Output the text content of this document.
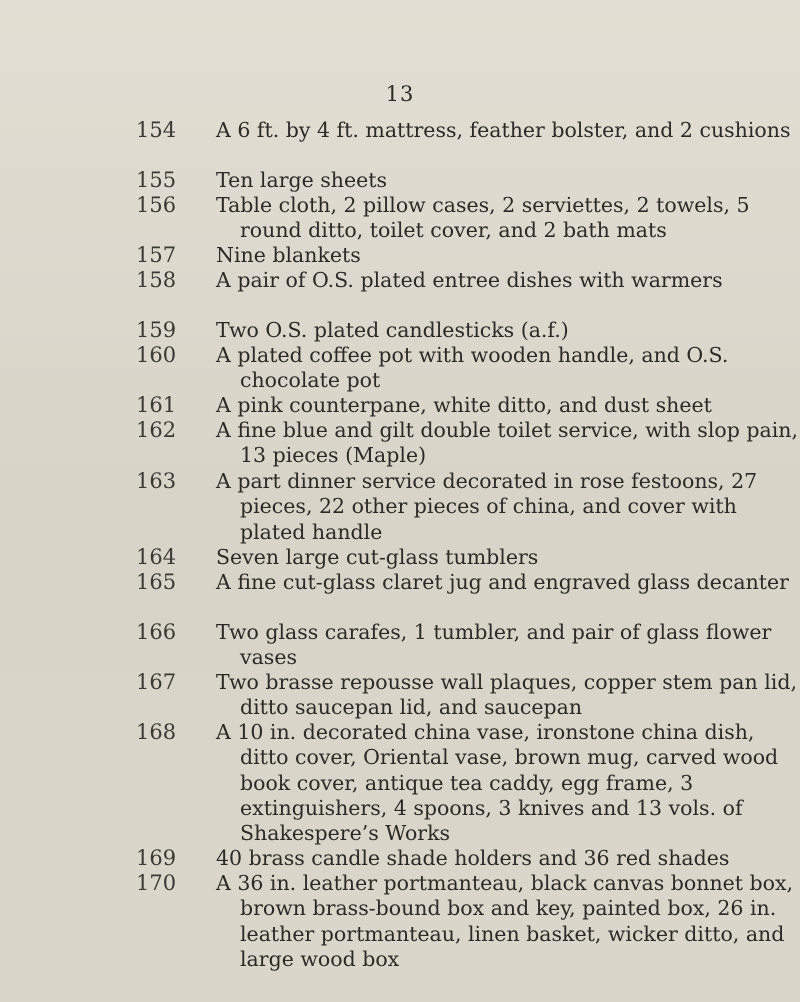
13
154 A 6 ft. by 4 ft. mattress, feather bolster, and 2 cushions
155 Ten large sheets
156 Table cloth, 2 pillow cases, 2 serviettes, 2 towels, 5 round ditto, toilet cover, and 2 bath mats
157 Nine blankets
158 A pair of O.S. plated entree dishes with warmers
159 Two O.S. plated candlesticks (a.f.)
160 A plated coffee pot with wooden handle, and O.S. chocolate pot
161 A pink counterpane, white ditto, and dust sheet
162 A fine blue and gilt double toilet service, with slop pain, 13 pieces (Maple)
163 A part dinner service decorated in rose festoons, 27 pieces, 22 other pieces of china, and cover with plated handle
164 Seven large cut-glass tumblers
165 A fine cut-glass claret jug and engraved glass decanter
166 Two glass carafes, 1 tumbler, and pair of glass flower vases
167 Two brasse repousse wall plaques, copper stem pan lid, ditto saucepan lid, and saucepan
168 A 10 in. decorated china vase, ironstone china dish, ditto cover, Oriental vase, brown mug, carved wood book cover, antique tea caddy, egg frame, 3 extinguishers, 4 spoons, 3 knives and 13 vols. of Shakespere’s Works
169 40 brass candle shade holders and 36 red shades
170 A 36 in. leather portmanteau, black canvas bonnet box, brown brass-bound box and key, painted box, 26 in. leather portmanteau, linen basket, wicker ditto, and large wood box
